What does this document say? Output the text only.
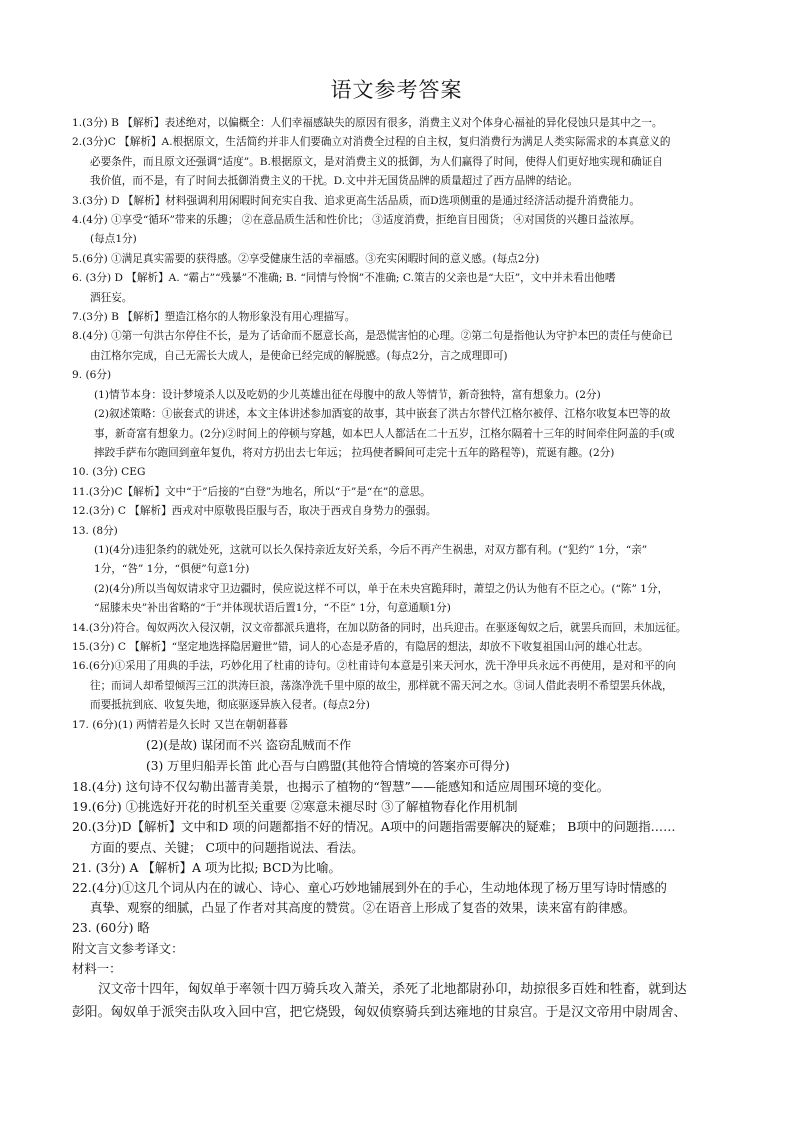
语文参考答案

1.(3分) B 【解析】表述绝对，以偏概全：人们幸福感缺失的原因有很多，消费主义对个体身心福祉的异化侵蚀只是其中之一。

2.(3分)C 【解析】A.根据原文，生活简约并非人们要确立对消费全过程的自主权，复归消费行为满足人类实际需求的本真意义的

必要条件，而且原文还强调“适度”。B.根据原文，是对消费主义的抵御，为人们赢得了时间，使得人们更好地实现和确证自

我价值，而不是，有了时间去抵御消费主义的干扰。D.文中并无国货品牌的质量超过了西方品牌的结论。

3.(3分) D 【解析】材料强调利用闲暇时间充实自我、追求更高生活品质，而D选项侧重的是通过经济活动提升消费能力。

4.(4分) ①享受“循环”带来的乐趣； ②在意品质生活和性价比； ③适度消费，拒绝盲目囤货； ④对国货的兴趣日益浓厚。

(每点1分)

5.(6分) ①满足真实需要的获得感。②享受健康生活的幸福感。③充实闲暇时间的意义感。(每点2分)

6. (3分) D 【解析】A. “霸占”“残暴”不准确; B. “同情与怜悯”不准确; C.策吉的父亲也是“大臣”，文中并未看出他嗜

酒狂妄。

7.(3分) B 【解析】塑造江格尔的人物形象没有用心理描写。

8.(4分) ①第一句洪古尔停住不长，是为了话命而不愿意长高，是恐慌害怕的心理。②第二句是指他认为守护本巴的责任与使命已

由江格尔完成，自己无需长大成人，是使命已经完成的解脱感。(每点2分，言之成理即可)

9. (6分)

(1)情节本身：设计梦境杀人以及吃奶的少儿英雄出征在母腹中的敌人等情节，新奇独特，富有想象力。(2分)

(2)叙述策略：①嵌套式的讲述，本文主体讲述参加酒宴的故事，其中嵌套了洪古尔替代江格尔被俘、江格尔收复本巴等的故

事，新奇富有想象力。(2分)②时间上的停顿与穿越，如本巴人人都活在二十五岁，江格尔隔着十三年的时间牵住阿盖的手(或

摔跤手萨布尔跑回到童年复仇，将对方扔出去七年远； 拉玛使者瞬间可走完十五年的路程等)，荒诞有趣。(2分)

10. (3分) CEG

11.(3分)C【解析】文中“于”后接的“白登”为地名，所以“于”是“在”的意思。

12.(3分) C 【解析】西戎对中原敬畏臣服与否，取决于西戎自身势力的强弱。

13. (8分)

(1)(4分)违犯条约的就处死，这就可以长久保持亲近友好关系，今后不再产生祸患，对双方都有利。(“犯约” 1分，“亲”

1分，“咎” 1分，“俱便”句意1分)

(2)(4分)所以当匈奴请求守卫边疆时，侯应说这样不可以，单于在未央宫跪拜时，萧望之仍认为他有不臣之心。(“陈” 1分，

“屈膝未央”补出省略的“于”并体现状语后置1分，“不臣” 1分，句意通顺1分)

14.(3分)符合。匈奴两次入侵汉朝，汉文帝都派兵遣将，在加以防备的同时，出兵迎击。在驱逐匈奴之后，就罢兵而回，未加远征。

15.(3分) C 【解析】“坚定地选择隐居避世”错，词人的心态是矛盾的，有隐居的想法，却放不下收复祖国山河的雄心壮志。

16.(6分)①采用了用典的手法，巧妙化用了杜甫的诗句。②杜甫诗句本意是引来天河水，洗干净甲兵永远不再使用，是对和平的向

往；而词人却希望倾泻三江的洪涛巨浪，荡涤净洗千里中原的故尘，那样就不需天河之水。③词人借此表明不希望罢兵休战，

而要抵抗到底、收复失地，彻底驱逐异族入侵者。(每点2分)

17. (6分)(1) 两情若是久长时 又岂在朝朝暮暮

(2)(是故) 谋闭而不兴 盗窃乱贼而不作

(3) 万里归船弄长笛 此心吾与白鸥盟(其他符合情境的答案亦可得分)

18.(4分) 这句诗不仅勾勒出蔷青美景，也揭示了植物的“智慧”——能感知和适应周围环境的变化。

19.(6分) ①挑选好开花的时机至关重要 ②寒意未褪尽时 ③了解植物春化作用机制

20.(3分)D【解析】文中和D 项的问题都指不好的情况。A项中的问题指需要解决的疑难； B项中的问题指……

方面的要点、关键； C项中的问题指说法、看法。

21. (3分) A 【解析】A 项为比拟; BCD为比喻。

22.(4分)①这几个词从内在的诚心、诗心、童心巧妙地铺展到外在的手心，生动地体现了杨万里写诗时情感的

真挚、观察的细腻，凸显了作者对其高度的赞赏。②在语音上形成了复沓的效果，读来富有韵律感。

23. (60分) 略

附文言文参考译文：

材料一：

汉文帝十四年，匈奴单于率领十四万骑兵攻入萧关，杀死了北地都尉孙卬，劫掠很多百姓和牲畜，就到达

彭阳。匈奴单于派突击队攻入回中宫，把它烧毁，匈奴侦察骑兵到达雍地的甘泉宫。于是汉文帝用中尉周舍、
